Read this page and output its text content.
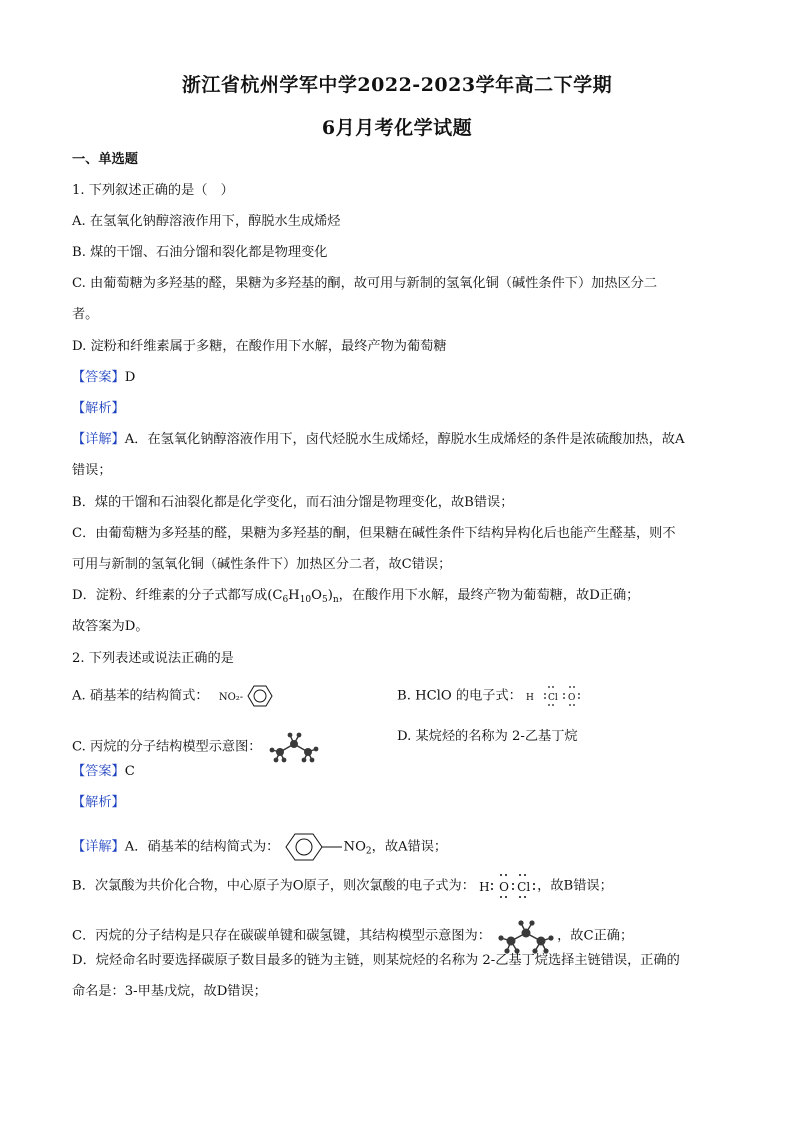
浙江省杭州学军中学2022-2023学年高二下学期
6月月考化学试题
一、单选题
1. 下列叙述正确的是（　）
A. 在氢氧化钠醇溶液作用下，醇脱水生成烯烃
B. 煤的干馏、石油分馏和裂化都是物理变化
C. 由葡萄糖为多羟基的醛，果糖为多羟基的酮，故可用与新制的氢氧化铜（碱性条件下）加热区分二
者。
D. 淀粉和纤维素属于多糖，在酸作用下水解，最终产物为葡萄糖
【答案】D
【解析】
【详解】A．在氢氧化钠醇溶液作用下，卤代烃脱水生成烯烃，醇脱水生成烯烃的条件是浓硫酸加热，故A
错误；
B．煤的干馏和石油裂化都是化学变化，而石油分馏是物理变化，故B错误；
C．由葡萄糖为多羟基的醛，果糖为多羟基的酮，但果糖在碱性条件下结构异构化后也能产生醛基，则不
可用与新制的氢氧化铜（碱性条件下）加热区分二者，故C错误；
D．淀粉、纤维素的分子式都写成$(C_6H_{10}O_5)_n$，在酸作用下水解，最终产物为葡萄糖，故D正确；
故答案为D。
2. 下列表述或说法正确的是
A. 硝基苯的结构简式： NO₂-	B. HClO 的电子式： H Cl O
C. 丙烷的分子结构模型示意图：
D. 某烷烃的名称为 2-乙基丁烷
【答案】C
【解析】
【详解】A．硝基苯的结构简式为：	$NO_2$，故A错误；
B．次氯酸为共价化合物，中心原子为O原子，则次氯酸的电子式为： H O Cl ，故B错误；
C．丙烷的分子结构是只存在碳碳单键和碳氢键，其结构模型示意图为：	，故C正确；
D．烷烃命名时要选择碳原子数目最多的链为主链，则某烷烃的名称为 2-乙基丁烷选择主链错误，正确的
命名是：3-甲基戊烷，故D错误；
